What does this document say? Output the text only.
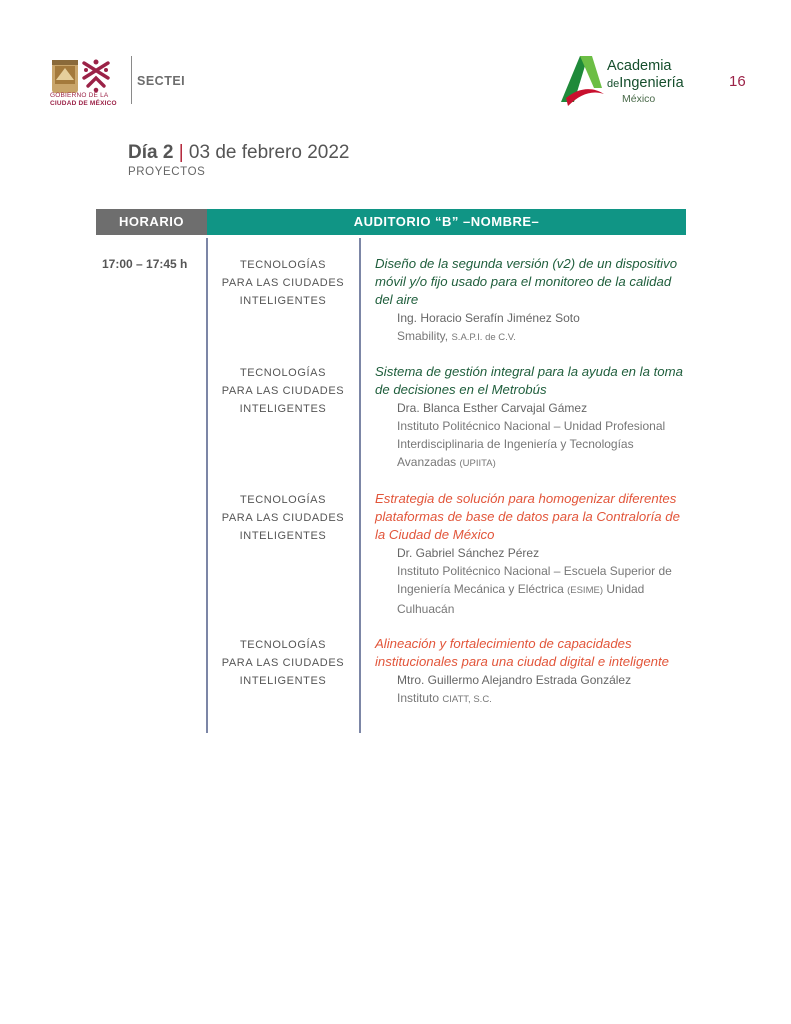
GOBIERNO DE LA
CIUDAD DE MÉXICO
SECTEI
Academia
deIngeniería
México
16
Día 2 | 03 de febrero 2022
PROYECTOS
HORARIO	AUDITORIO “B” –NOMBRE–
17:00 – 17:45 h	TECNOLOGÍAS
PARA LAS CIUDADES
INTELIGENTES
Diseño de la segunda versión (v2) de un dispositivo móvil y/o fijo usado para el monitoreo de la calidad del aire
Ing. Horacio Serafín Jiménez Soto
Smability, S.A.P.I. de C.V.
TECNOLOGÍAS
PARA LAS CIUDADES
INTELIGENTES
Sistema de gestión integral para la ayuda en la toma de decisiones en el Metrobús
Dra. Blanca Esther Carvajal Gámez
Instituto Politécnico Nacional – Unidad Profesional Interdisciplinaria de Ingeniería y Tecnologías Avanzadas (UPIITA)
TECNOLOGÍAS
PARA LAS CIUDADES
INTELIGENTES
Estrategia de solución para homogenizar diferentes plataformas de base de datos para la Contraloría de la Ciudad de México
Dr. Gabriel Sánchez Pérez
Instituto Politécnico Nacional – Escuela Superior de Ingeniería Mecánica y Eléctrica (ESIME) Unidad Culhuacán
TECNOLOGÍAS
PARA LAS CIUDADES
INTELIGENTES
Alineación y fortalecimiento de capacidades institucionales para una ciudad digital e inteligente
Mtro. Guillermo Alejandro Estrada González
Instituto CIATT, S.C.
